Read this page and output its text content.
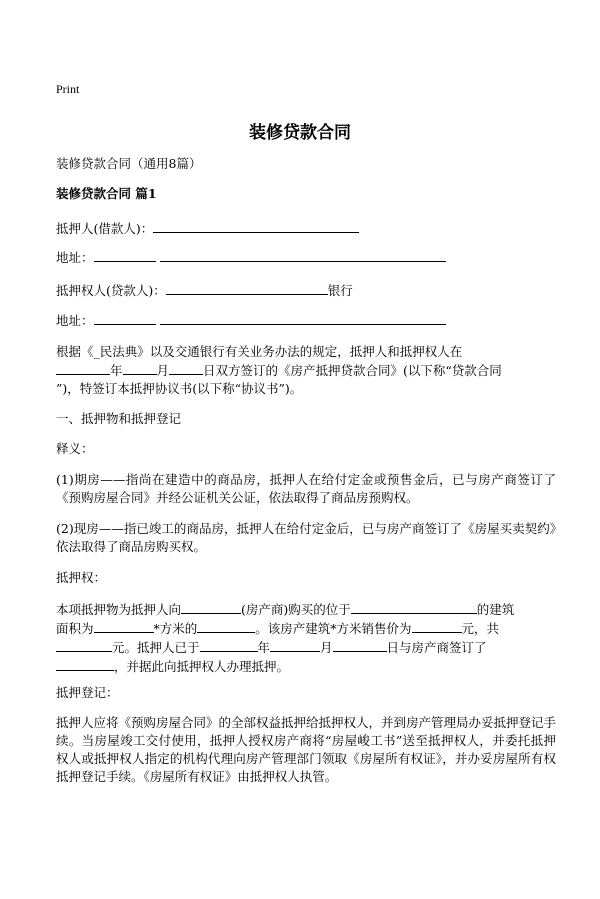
Print
装修贷款合同
装修贷款合同（通用8篇）
装修贷款合同 篇1
抵押人(借款人)：
地址：
抵押权人(贷款人)：	银行
地址：
根据《_民法典》以及交通银行有关业务办法的规定，抵押人和抵押权人在
年	月	日双方签订的《房产抵押贷款合同》(以下称“贷款合同
”)，特签订本抵押协议书(以下称“协议书”)。
一、抵押物和抵押登记
释义：
(1)期房——指尚在建造中的商品房，抵押人在给付定金或预售金后，已与房产商签订了《预购房屋合同》并经公证机关公证，依法取得了商品房预购权。
(2)现房——指已竣工的商品房，抵押人在给付定金后，已与房产商签订了《房屋买卖契约》依法取得了商品房购买权。
抵押权：
本项抵押物为抵押人向	(房产商)购买的位于	的建筑
面积为	*方米的	。该房产建筑*方米销售价为	元，共
元。抵押人已于	年	月	日与房产商签订了
，并据此向抵押权人办理抵押。
抵押登记：
抵押人应将《预购房屋合同》的全部权益抵押给抵押权人，并到房产管理局办妥抵押登记手续。当房屋竣工交付使用，抵押人授权房产商将“房屋峻工书”送至抵押权人，并委托抵押权人或抵押权人指定的机构代理向房产管理部门领取《房屋所有权证》，并办妥房屋所有权抵押登记手续。《房屋所有权证》由抵押权人执管。
